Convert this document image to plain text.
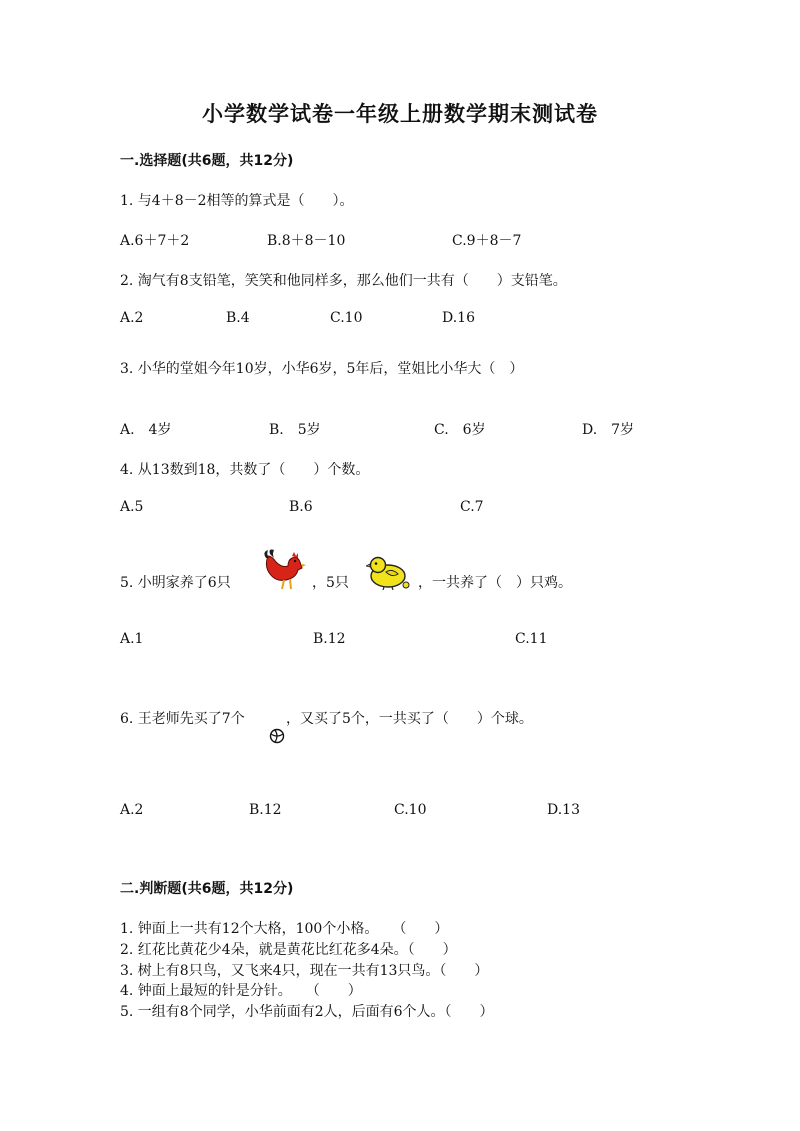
小学数学试卷一年级上册数学期末测试卷
一.选择题(共6题，共12分)
1. 与4＋8－2相等的算式是（　　）。
A.6＋7＋2	B.8＋8－10	C.9＋8－7
2. 淘气有8支铅笔，笑笑和他同样多，那么他们一共有（　　）支铅笔。
A.2	B.4	C.10	D.16
3. 小华的堂姐今年10岁，小华6岁，5年后，堂姐比小华大（　）
A.　4岁	B.　5岁	C.　6岁	D.　7岁
4. 从13数到18，共数了（　　）个数。
A.5	B.6	C.7
5. 小明家养了6只	，5只	，一共养了（　）只鸡。
A.1	B.12	C.11
6. 王老师先买了7个	，又买了5个，一共买了（　　）个球。
A.2	B.12	C.10	D.13
二.判断题(共6题，共12分)
1. 钟面上一共有12个大格，100个小格。　　（　　）
2. 红花比黄花少4朵，就是黄花比红花多4朵。（　　）
3. 树上有8只鸟，又飞来4只，现在一共有13只鸟。（　　）
4. 钟面上最短的针是分针。　　（　　）
5. 一组有8个同学，小华前面有2人，后面有6个人。（　　）
